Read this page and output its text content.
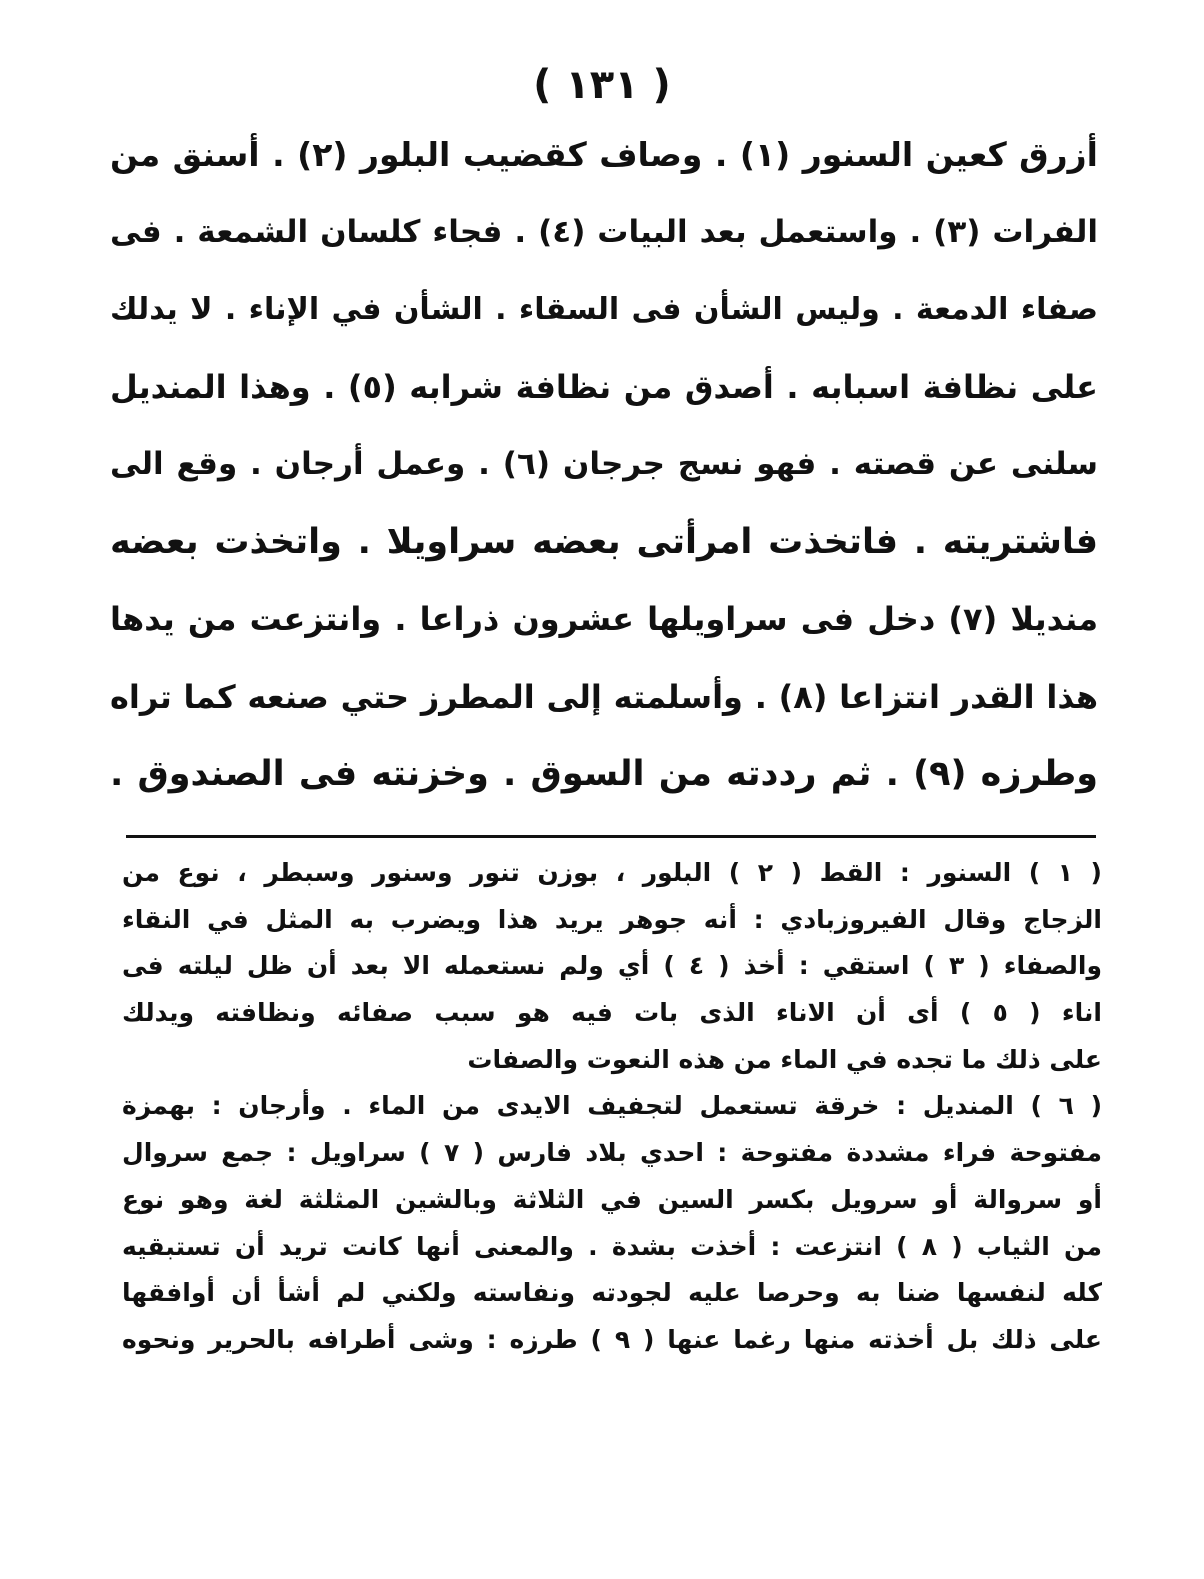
( ١٣١ )
أزرق كعين السنور (١) . وصاف كقضيب البلور (٢) . أسنق من
الفرات (٣) . واستعمل بعد البيات (٤) . فجاء كلسان الشمعة . فى
صفاء الدمعة . وليس الشأن فى السقاء . الشأن في الإناء . لا يدلك
على نظافة اسبابه . أصدق من نظافة شرابه (٥) . وهذا المنديل
سلنى عن قصته . فهو نسج جرجان (٦) . وعمل أرجان . وقع الى
فاشتريته . فاتخذت امرأتى بعضه سراويلا . واتخذت بعضه
منديلا (٧) دخل فى سراويلها عشرون ذراعا . وانتزعت من يدها
هذا القدر انتزاعا (٨) . وأسلمته إلى المطرز حتي صنعه كما تراه
وطرزه (٩) . ثم رددته من السوق . وخزنته فى الصندوق .
( ١ ) السنور : القط ( ٢ ) البلور ، بوزن تنور وسنور وسبطر ، نوع من
الزجاج وقال الفيروزبادي : أنه جوهر يريد هذا ويضرب به المثل في النقاء
والصفاء ( ٣ ) استقي : أخذ ( ٤ ) أي ولم نستعمله الا بعد أن ظل ليلته فى
اناء ( ٥ ) أى أن الاناء الذى بات فيه هو سبب صفائه ونظافته ويدلك
على ذلك ما تجده في الماء من هذه النعوت والصفات
( ٦ ) المنديل : خرقة تستعمل لتجفيف الايدى من الماء . وأرجان : بهمزة
مفتوحة فراء مشددة مفتوحة : احدي بلاد فارس ( ٧ ) سراويل : جمع سروال
أو سروالة أو سرويل بكسر السين في الثلاثة وبالشين المثلثة لغة وهو نوع
من الثياب ( ٨ ) انتزعت : أخذت بشدة . والمعنى أنها كانت تريد أن تستبقيه
كله لنفسها ضنا به وحرصا عليه لجودته ونفاسته ولكني لم أشأ أن أوافقها
على ذلك بل أخذته منها رغما عنها ( ٩ ) طرزه : وشى أطرافه بالحرير ونحوه
